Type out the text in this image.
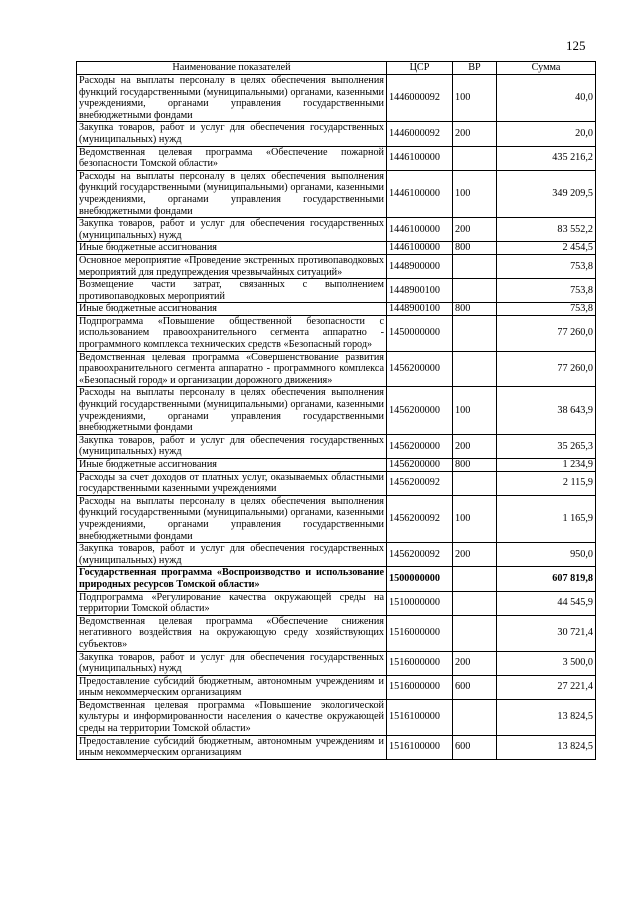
125
Наименование показателей	ЦСР	ВР	Сумма
Расходы на выплаты персоналу в целях обеспечения выполнения функций государственными (муниципальными) органами, казенными учреждениями, органами управления государственными внебюджетными фондами	1446000092	100	40,0
Закупка товаров, работ и услуг для обеспечения государственных (муниципальных) нужд	1446000092	200	20,0
Ведомственная целевая программа «Обеспечение пожарной безопасности Томской области»	1446100000		435 216,2
Расходы на выплаты персоналу в целях обеспечения выполнения функций государственными (муниципальными) органами, казенными учреждениями, органами управления государственными внебюджетными фондами	1446100000	100	349 209,5
Закупка товаров, работ и услуг для обеспечения государственных (муниципальных) нужд	1446100000	200	83 552,2
Иные бюджетные ассигнования	1446100000	800	2 454,5
Основное мероприятие «Проведение экстренных противопаводковых мероприятий для предупреждения чрезвычайных ситуаций»	1448900000		753,8
Возмещение части затрат, связанных с выполнением противопаводковых мероприятий	1448900100		753,8
Иные бюджетные ассигнования	1448900100	800	753,8
Подпрограмма «Повышение общественной безопасности с использованием правоохранительного сегмента аппаратно - программного комплекса технических средств «Безопасный город»	1450000000		77 260,0
Ведомственная целевая программа «Совершенствование развития правоохранительного сегмента аппаратно - программного комплекса «Безопасный город» и организации дорожного движения»	1456200000		77 260,0
Расходы на выплаты персоналу в целях обеспечения выполнения функций государственными (муниципальными) органами, казенными учреждениями, органами управления государственными внебюджетными фондами	1456200000	100	38 643,9
Закупка товаров, работ и услуг для обеспечения государственных (муниципальных) нужд	1456200000	200	35 265,3
Иные бюджетные ассигнования	1456200000	800	1 234,9
Расходы за счет доходов от платных услуг, оказываемых областными государственными казенными учреждениями	1456200092		2 115,9
Расходы на выплаты персоналу в целях обеспечения выполнения функций государственными (муниципальными) органами, казенными учреждениями, органами управления государственными внебюджетными фондами	1456200092	100	1 165,9
Закупка товаров, работ и услуг для обеспечения государственных (муниципальных) нужд	1456200092	200	950,0
Государственная программа «Воспроизводство и использование природных ресурсов Томской области»	1500000000		607 819,8
Подпрограмма «Регулирование качества окружающей среды на территории Томской области»	1510000000		44 545,9
Ведомственная целевая программа «Обеспечение снижения негативного воздействия на окружающую среду хозяйствующих субъектов»	1516000000		30 721,4
Закупка товаров, работ и услуг для обеспечения государственных (муниципальных) нужд	1516000000	200	3 500,0
Предоставление субсидий бюджетным, автономным учреждениям и иным некоммерческим организациям	1516000000	600	27 221,4
Ведомственная целевая программа «Повышение экологической культуры и информированности населения о качестве окружающей среды на территории Томской области»	1516100000		13 824,5
Предоставление субсидий бюджетным, автономным учреждениям и иным некоммерческим организациям	1516100000	600	13 824,5
